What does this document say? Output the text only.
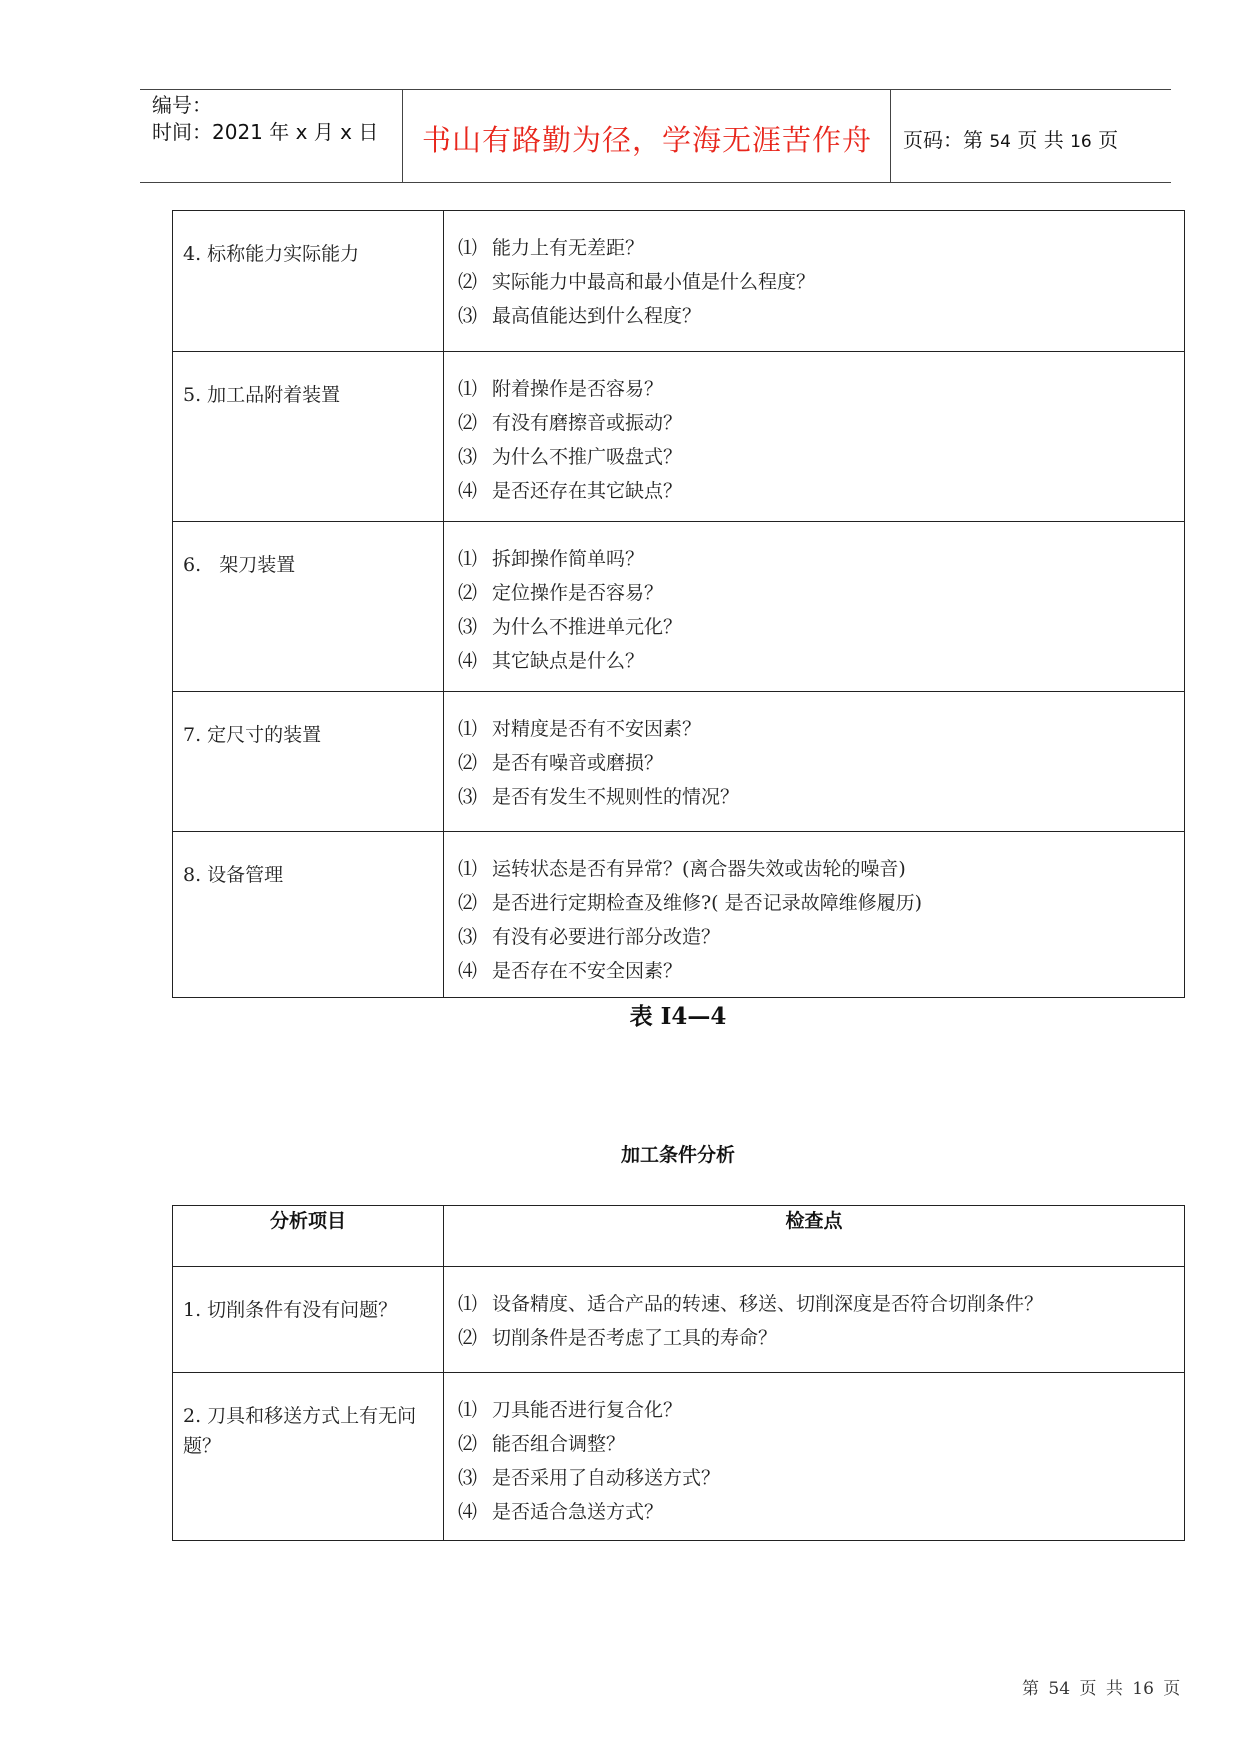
编号：
时间：2021 年 x 月 x 日	书山有路勤为径，学海无涯苦作舟	页码：第 54 页 共 16 页
4. 标称能力实际能力	⑴ 能力上有无差距？
⑵ 实际能力中最高和最小值是什么程度？
⑶ 最高值能达到什么程度？

5. 加工品附着装置	⑴ 附着操作是否容易？
⑵ 有没有磨擦音或振动？
⑶ 为什么不推广吸盘式？
⑷ 是否还存在其它缺点？

6.   架刀装置	⑴ 拆卸操作简单吗？
⑵ 定位操作是否容易？
⑶ 为什么不推进单元化？
⑷ 其它缺点是什么？

7. 定尺寸的装置	⑴ 对精度是否有不安因素？
⑵ 是否有噪音或磨损？
⑶ 是否有发生不规则性的情况？

8. 设备管理	⑴ 运转状态是否有异常？(离合器失效或齿轮的噪音)
⑵ 是否进行定期检查及维修?( 是否记录故障维修履历)
⑶ 有没有必要进行部分改造？
⑷ 是否存在不安全因素？
表 I4—4
加工条件分析
分析项目	检查点

1. 切削条件有没有问题？	⑴ 设备精度、适合产品的转速、移送、切削深度是否符合切削条件？
⑵ 切削条件是否考虑了工具的寿命？

2. 刀具和移送方式上有无问题？	⑴ 刀具能否进行复合化？
⑵ 能否组合调整？
⑶ 是否采用了自动移送方式？
⑷ 是否适合急送方式？
第 54 页 共 16 页
